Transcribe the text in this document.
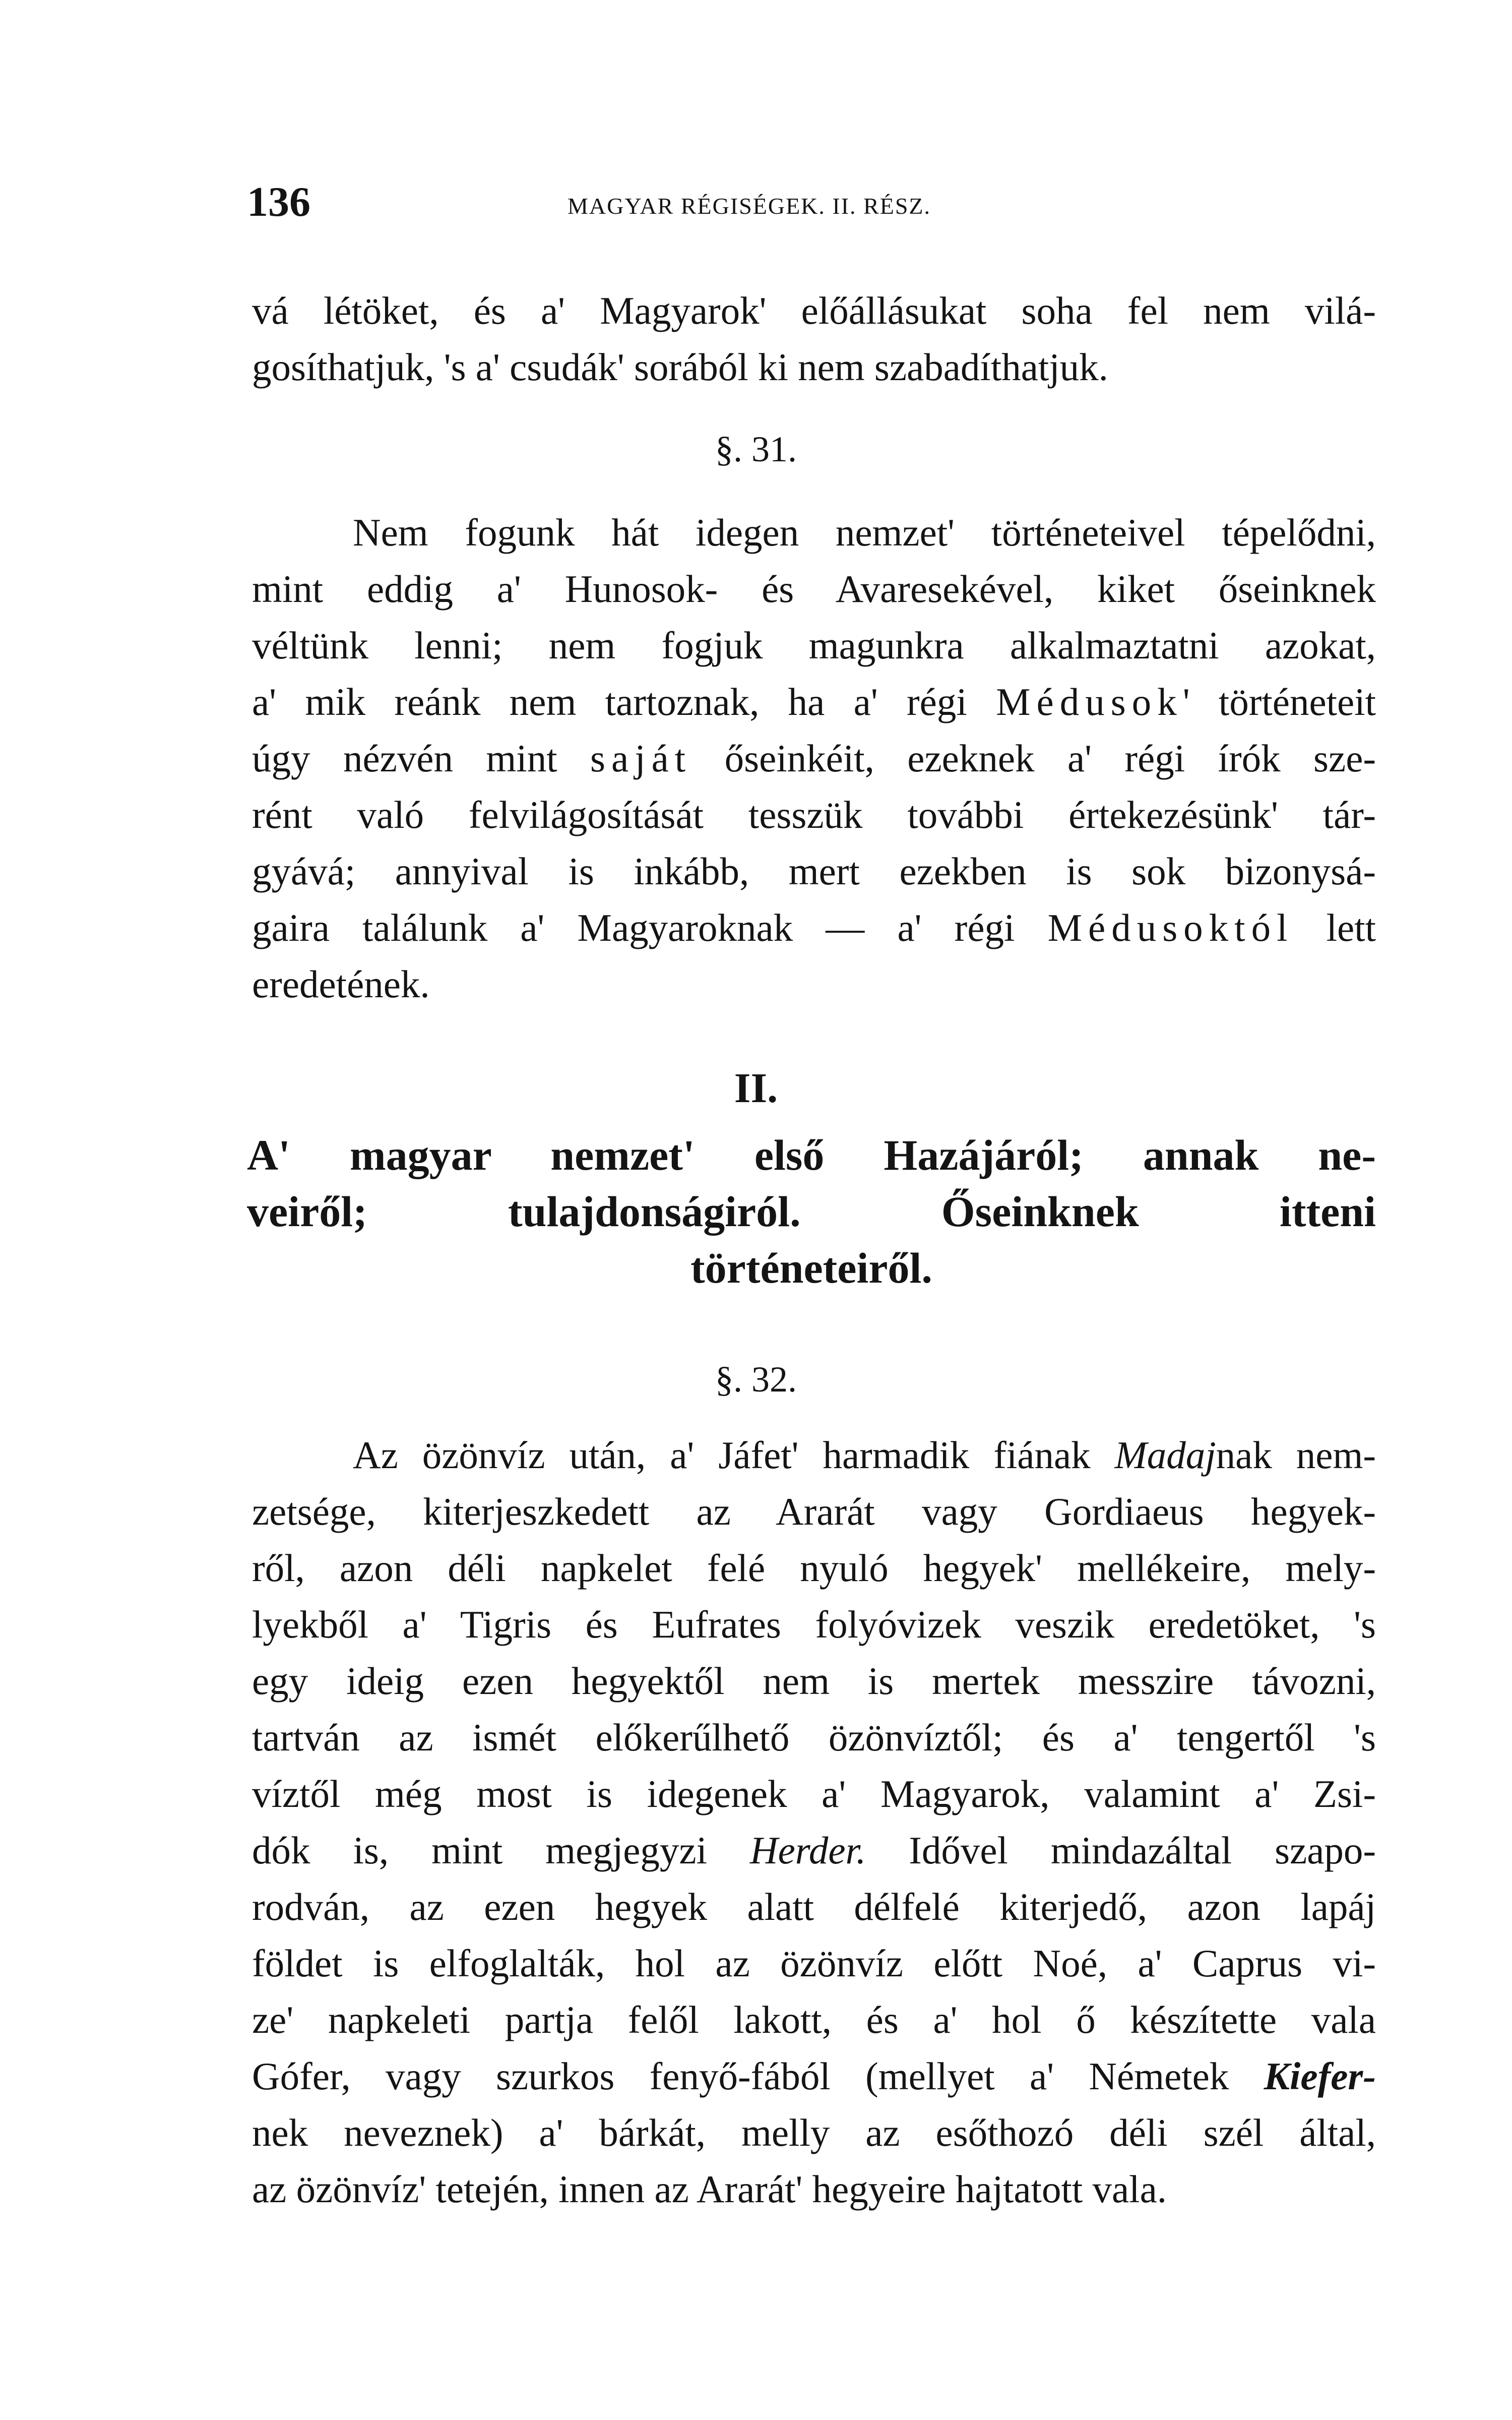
136	MAGYAR RÉGISÉGEK. II. RÉSZ.
vá létöket, és a' Magyarok' előállásukat soha fel nem vilá-
gosíthatjuk, 's a' csudák' sorából ki nem szabadíthatjuk.
§. 31.
Nem fogunk hát idegen nemzet' történeteivel tépelődni,
mint eddig a' Hunosok- és Avaresekével, kiket őseinknek
véltünk lenni; nem fogjuk magunkra alkalmaztatni azokat,
a' mik reánk nem tartoznak, ha a' régi Médusok' történeteit
úgy nézvén mint saját őseinkéit, ezeknek a' régi írók sze-
rént való felvilágosítását tesszük további értekezésünk' tár-
gyává; annyival is inkább, mert ezekben is sok bizonysá-
gaira találunk a' Magyaroknak — a' régi Médusoktól lett
eredetének.
II.
A' magyar nemzet' első Hazájáról; annak ne-
veiről; tulajdonságiról. Őseinknek itteni
történeteiről.
§. 32.
Az özönvíz után, a' Jáfet' harmadik fiának Madajnak nem-
zetsége, kiterjeszkedett az Ararát vagy Gordiaeus hegyek-
ről, azon déli napkelet felé nyuló hegyek' mellékeire, mely-
lyekből a' Tigris és Eufrates folyóvizek veszik eredetöket, 's
egy ideig ezen hegyektől nem is mertek messzire távozni,
tartván az ismét előkerűlhető özönvíztől; és a' tengertől 's
víztől még most is idegenek a' Magyarok, valamint a' Zsi-
dók is, mint megjegyzi Herder. Idővel mindazáltal szapo-
rodván, az ezen hegyek alatt délfelé kiterjedő, azon lapáj
földet is elfoglalták, hol az özönvíz előtt Noé, a' Caprus vi-
ze' napkeleti partja felől lakott, és a' hol ő készítette vala
Gófer, vagy szurkos fenyő-fából (mellyet a' Németek Kiefer-
nek neveznek) a' bárkát, melly az esőthozó déli szél által,
az özönvíz' tetején, innen az Ararát' hegyeire hajtatott vala.
